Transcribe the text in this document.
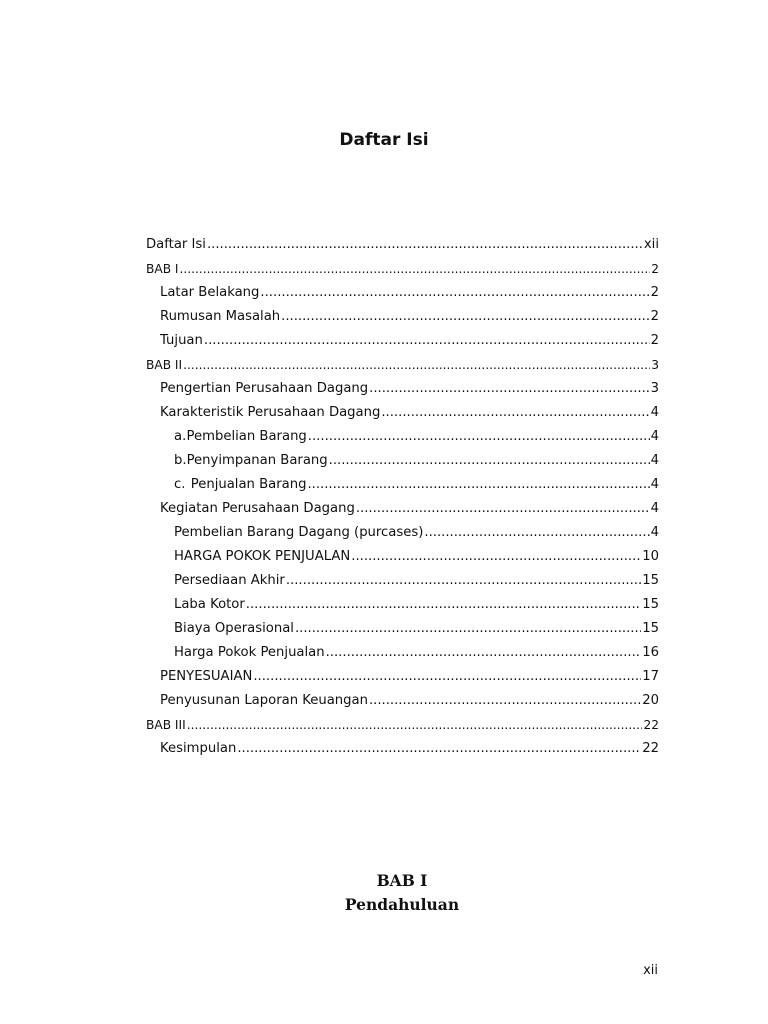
Daftar Isi
Daftar Isi .....	xii
BAB I .....	2
Latar Belakang .....	2
Rumusan Masalah .....	2
Tujuan .....	2
BAB II .....	3
Pengertian Perusahaan Dagang .....	3
Karakteristik Perusahaan Dagang .....	4
a. Pembelian Barang .....	4
b. Penyimpanan Barang .....	4
c. Penjualan Barang .....	4
Kegiatan Perusahaan Dagang .....	4
Pembelian Barang Dagang (purcases) .....	4
HARGA POKOK PENJUALAN .....	10
Persediaan Akhir .....	15
Laba Kotor .....	15
Biaya Operasional .....	15
Harga Pokok Penjualan .....	16
PENYESUAIAN .....	17
Penyusunan Laporan Keuangan .....	20
BAB III .....	22
Kesimpulan .....	22
BAB I
Pendahuluan
xii
